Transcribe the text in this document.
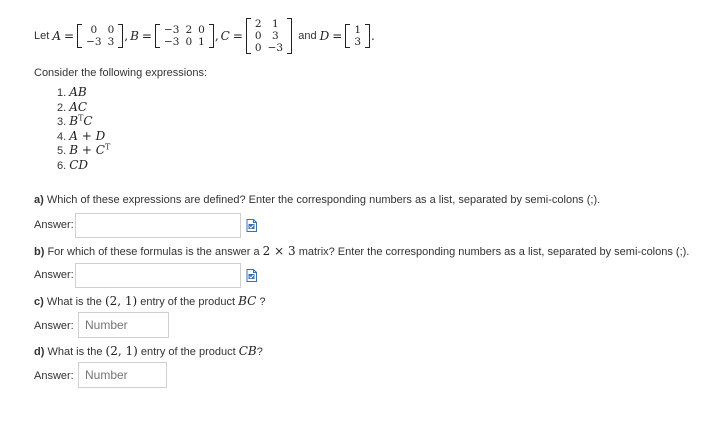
Let
A = 0	0
−3	3 , B = −3	2	0
−3	0	1 , C =
2	1
0	3
0	−3

and
D = 1
3 .
Consider the following expressions:
1. AB
2. AC
3. $B^TC$
4. A + D
5. $B + C^T$
6. CD
a) Which of these expressions are defined? Enter the corresponding numbers as a list, separated by semi-colons (;).
Answer:
b) For which of these formulas is the answer a 2 × 3 matrix? Enter the corresponding numbers as a list, separated by semi-colons (;).
Answer:
c) What is the (2, 1) entry of the product BC ?
Answer:
Number
d) What is the (2, 1) entry of the product CB?
Answer:
Number
